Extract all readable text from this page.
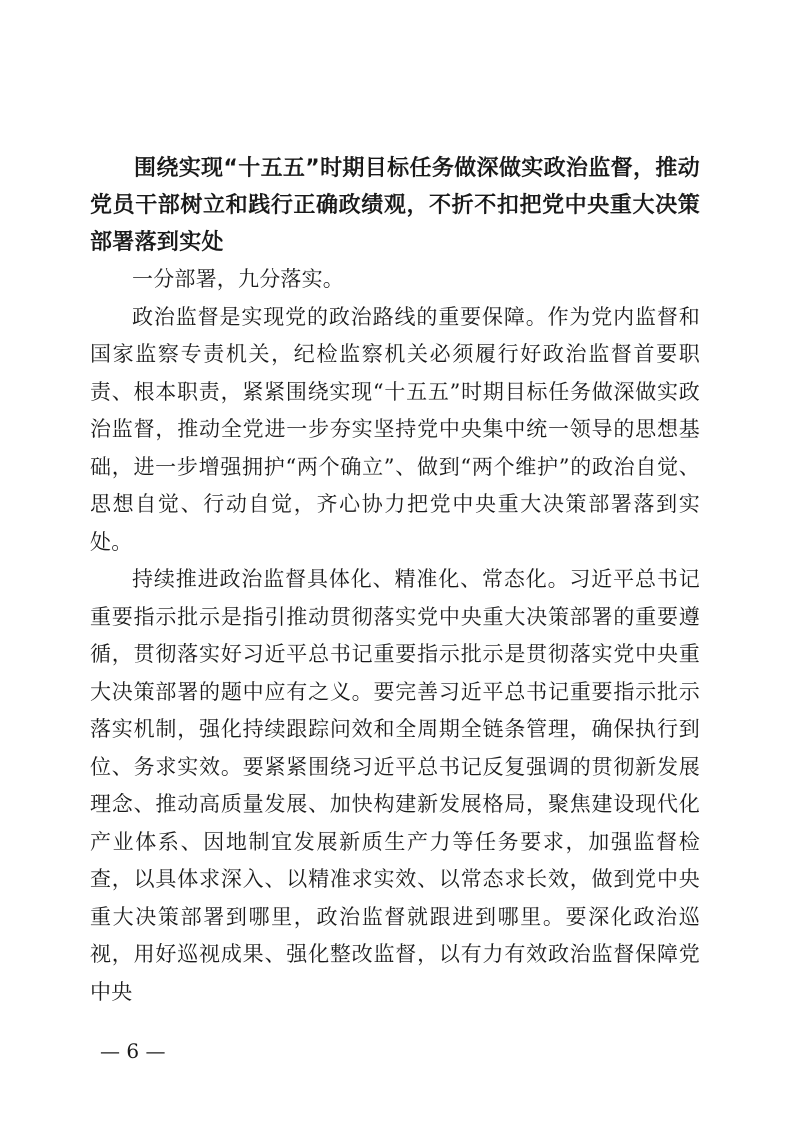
围绕实现“十五五”时期目标任务做深做实政治监督，推动党员干部树立和践行正确政绩观，不折不扣把党中央重大决策部署落到实处

一分部署，九分落实。

政治监督是实现党的政治路线的重要保障。作为党内监督和国家监察专责机关，纪检监察机关必须履行好政治监督首要职责、根本职责，紧紧围绕实现“十五五”时期目标任务做深做实政治监督，推动全党进一步夯实坚持党中央集中统一领导的思想基础，进一步增强拥护“两个确立”、做到“两个维护”的政治自觉、思想自觉、行动自觉，齐心协力把党中央重大决策部署落到实处。

持续推进政治监督具体化、精准化、常态化。习近平总书记重要指示批示是指引推动贯彻落实党中央重大决策部署的重要遵循，贯彻落实好习近平总书记重要指示批示是贯彻落实党中央重大决策部署的题中应有之义。要完善习近平总书记重要指示批示落实机制，强化持续跟踪问效和全周期全链条管理，确保执行到位、务求实效。要紧紧围绕习近平总书记反复强调的贯彻新发展理念、推动高质量发展、加快构建新发展格局，聚焦建设现代化产业体系、因地制宜发展新质生产力等任务要求，加强监督检查，以具体求深入、以精准求实效、以常态求长效，做到党中央重大决策部署到哪里，政治监督就跟进到哪里。要深化政治巡视，用好巡视成果、强化整改监督，以有力有效政治监督保障党中央

— 6 —
